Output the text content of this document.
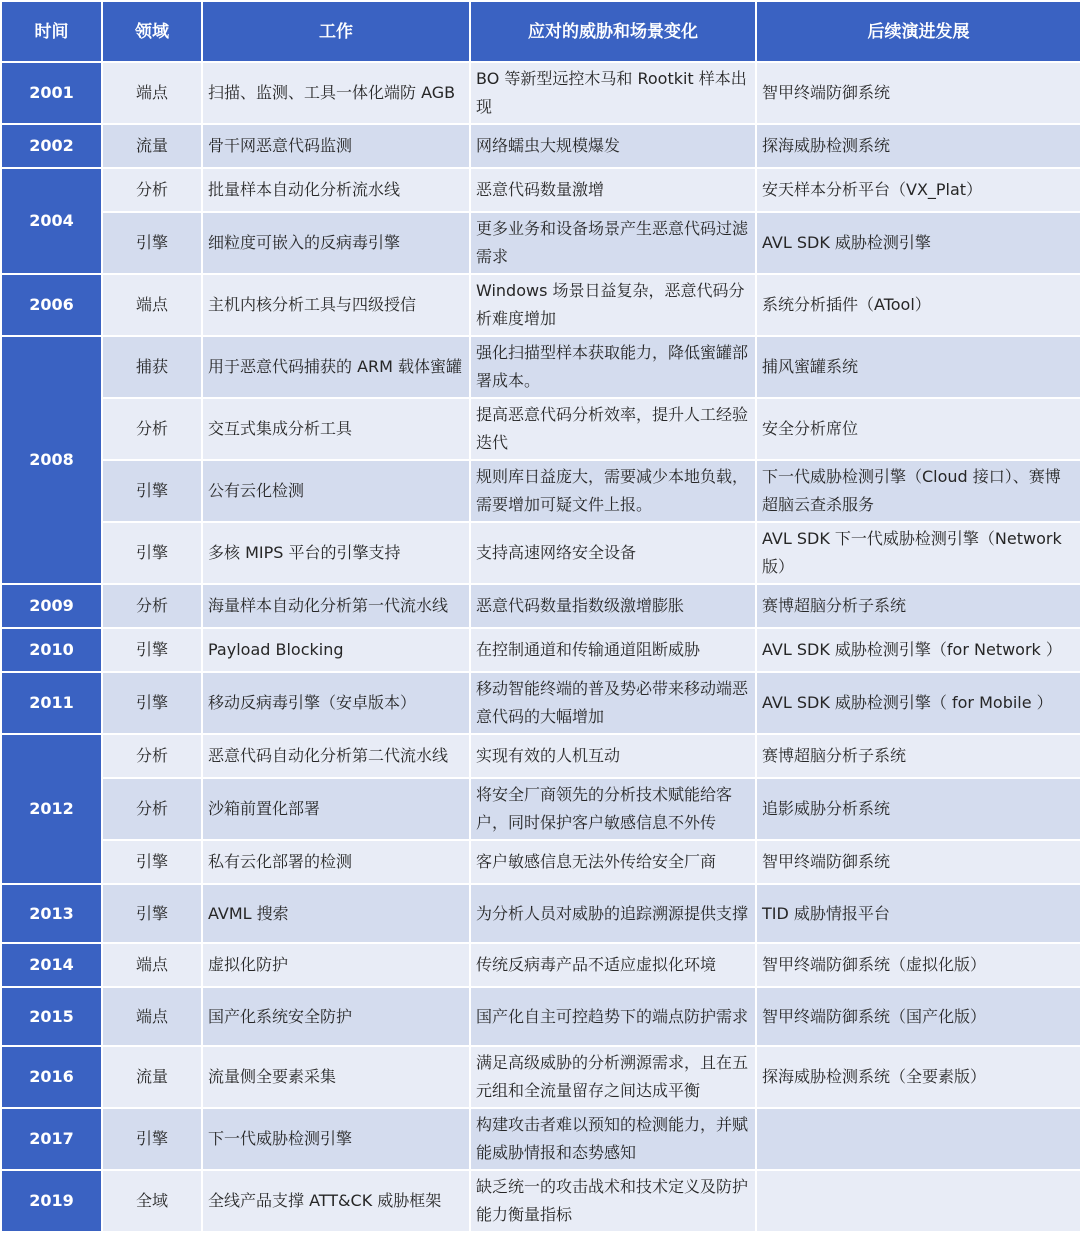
时间	领域	工作	应对的威胁和场景变化	后续演进发展
2001	端点	扫描、监测、工具一体化端防 AGB	BO 等新型远控木马和 Rootkit 样本出现	智甲终端防御系统
2002	流量	骨干网恶意代码监测	网络蠕虫大规模爆发	探海威胁检测系统
2004	分析	批量样本自动化分析流水线	恶意代码数量激增	安天样本分析平台（VX_Plat）
	引擎	细粒度可嵌入的反病毒引擎	更多业务和设备场景产生恶意代码过滤需求	AVL SDK 威胁检测引擎
2006	端点	主机内核分析工具与四级授信	Windows 场景日益复杂，恶意代码分析难度增加	系统分析插件（ATool）
2008	捕获	用于恶意代码捕获的 ARM 载体蜜罐	强化扫描型样本获取能力，降低蜜罐部署成本。	捕风蜜罐系统
	分析	交互式集成分析工具	提高恶意代码分析效率，提升人工经验迭代	安全分析席位
	引擎	公有云化检测	规则库日益庞大，需要减少本地负载，需要增加可疑文件上报。	下一代威胁检测引擎（Cloud 接口）、赛博超脑云查杀服务
	引擎	多核 MIPS 平台的引擎支持	支持高速网络安全设备	AVL SDK 下一代威胁检测引擎（Network 版）
2009	分析	海量样本自动化分析第一代流水线	恶意代码数量指数级激增膨胀	赛博超脑分析子系统
2010	引擎	Payload Blocking	在控制通道和传输通道阻断威胁	AVL SDK 威胁检测引擎（for Network ）
2011	引擎	移动反病毒引擎（安卓版本）	移动智能终端的普及势必带来移动端恶意代码的大幅增加	AVL SDK 威胁检测引擎（ for Mobile ）
2012	分析	恶意代码自动化分析第二代流水线	实现有效的人机互动	赛博超脑分析子系统
	分析	沙箱前置化部署	将安全厂商领先的分析技术赋能给客户，同时保护客户敏感信息不外传	追影威胁分析系统
	引擎	私有云化部署的检测	客户敏感信息无法外传给安全厂商	智甲终端防御系统
2013	引擎	AVML 搜索	为分析人员对威胁的追踪溯源提供支撑	TID 威胁情报平台
2014	端点	虚拟化防护	传统反病毒产品不适应虚拟化环境	智甲终端防御系统（虚拟化版）
2015	端点	国产化系统安全防护	国产化自主可控趋势下的端点防护需求	智甲终端防御系统（国产化版）
2016	流量	流量侧全要素采集	满足高级威胁的分析溯源需求，且在五元组和全流量留存之间达成平衡	探海威胁检测系统（全要素版）
2017	引擎	下一代威胁检测引擎	构建攻击者难以预知的检测能力，并赋能威胁情报和态势感知	
2019	全域	全线产品支撑 ATT&CK 威胁框架	缺乏统一的攻击战术和技术定义及防护能力衡量指标	
